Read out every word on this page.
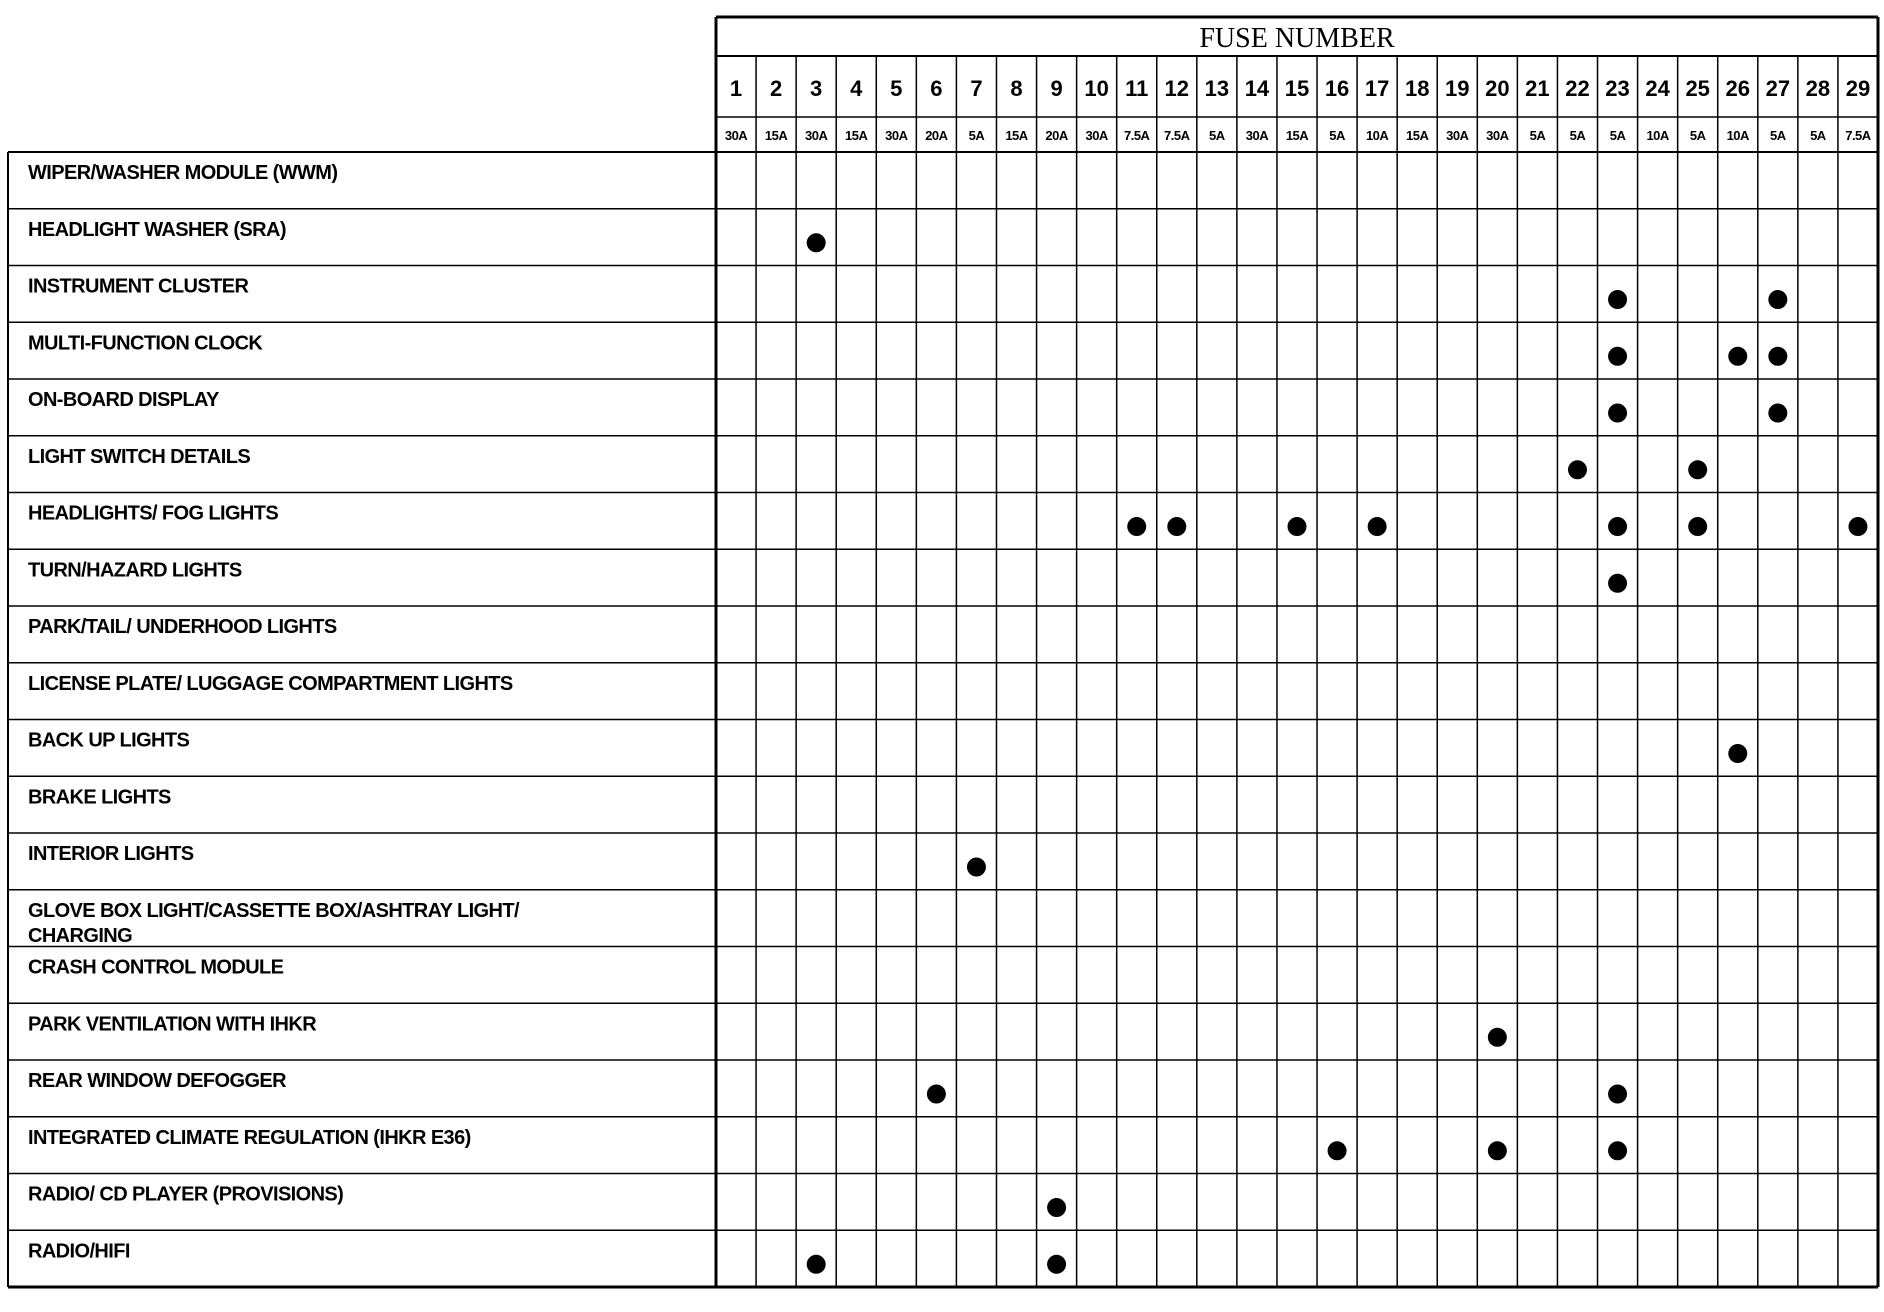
FUSE NUMBER
1
30A
2
15A
3
30A
4
15A
5
30A
6
20A
7
5A
8
15A
9
20A
10
30A
11
7.5A
12
7.5A
13
5A
14
30A
15
15A
16
5A
17
10A
18
15A
19
30A
20
30A
21
5A
22
5A
23
5A
24
10A
25
5A
26
10A
27
5A
28
5A
29
7.5A
WIPER/WASHER MODULE (WWM)
HEADLIGHT WASHER (SRA)
INSTRUMENT CLUSTER
MULTI-FUNCTION CLOCK
ON-BOARD DISPLAY
LIGHT SWITCH DETAILS
HEADLIGHTS/ FOG LIGHTS
TURN/HAZARD LIGHTS
PARK/TAIL/ UNDERHOOD LIGHTS
LICENSE PLATE/ LUGGAGE COMPARTMENT LIGHTS
BACK UP LIGHTS
BRAKE LIGHTS
INTERIOR LIGHTS
GLOVE BOX LIGHT/CASSETTE BOX/ASHTRAY LIGHT/
CHARGING
CRASH CONTROL MODULE
PARK VENTILATION WITH IHKR
REAR WINDOW DEFOGGER
INTEGRATED CLIMATE REGULATION (IHKR E36)
RADIO/ CD PLAYER (PROVISIONS)
RADIO/HIFI
